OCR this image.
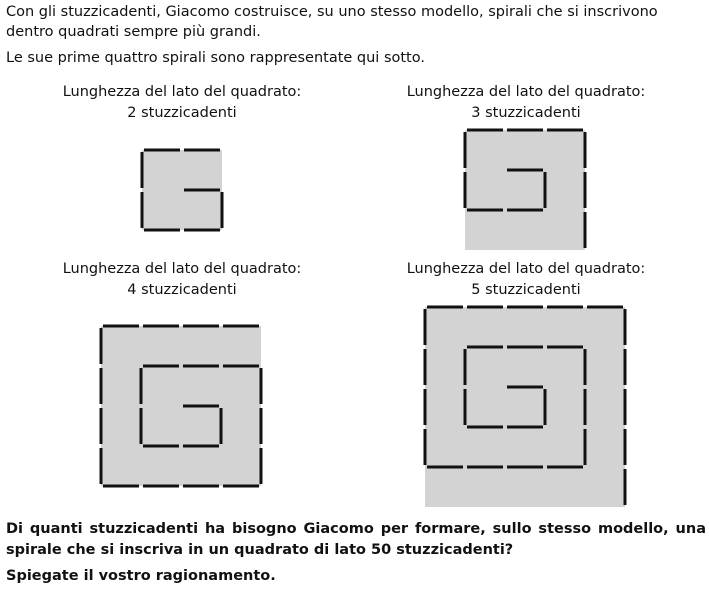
Con gli stuzzicadenti, Giacomo costruisce, su uno stesso modello, spirali che si inscrivono dentro quadrati sempre più grandi.

Le sue prime quattro spirali sono rappresentate qui sotto.

Lunghezza del lato del quadrato:
2 stuzzicadenti
Lunghezza del lato del quadrato:
3 stuzzicadenti
Lunghezza del lato del quadrato:
4 stuzzicadenti
Lunghezza del lato del quadrato:
5 stuzzicadenti

Di quanti stuzzicadenti ha bisogno Giacomo per formare, sullo stesso modello, una spirale che si inscriva in un quadrato di lato 50 stuzzicadenti?

Spiegate il vostro ragionamento.
